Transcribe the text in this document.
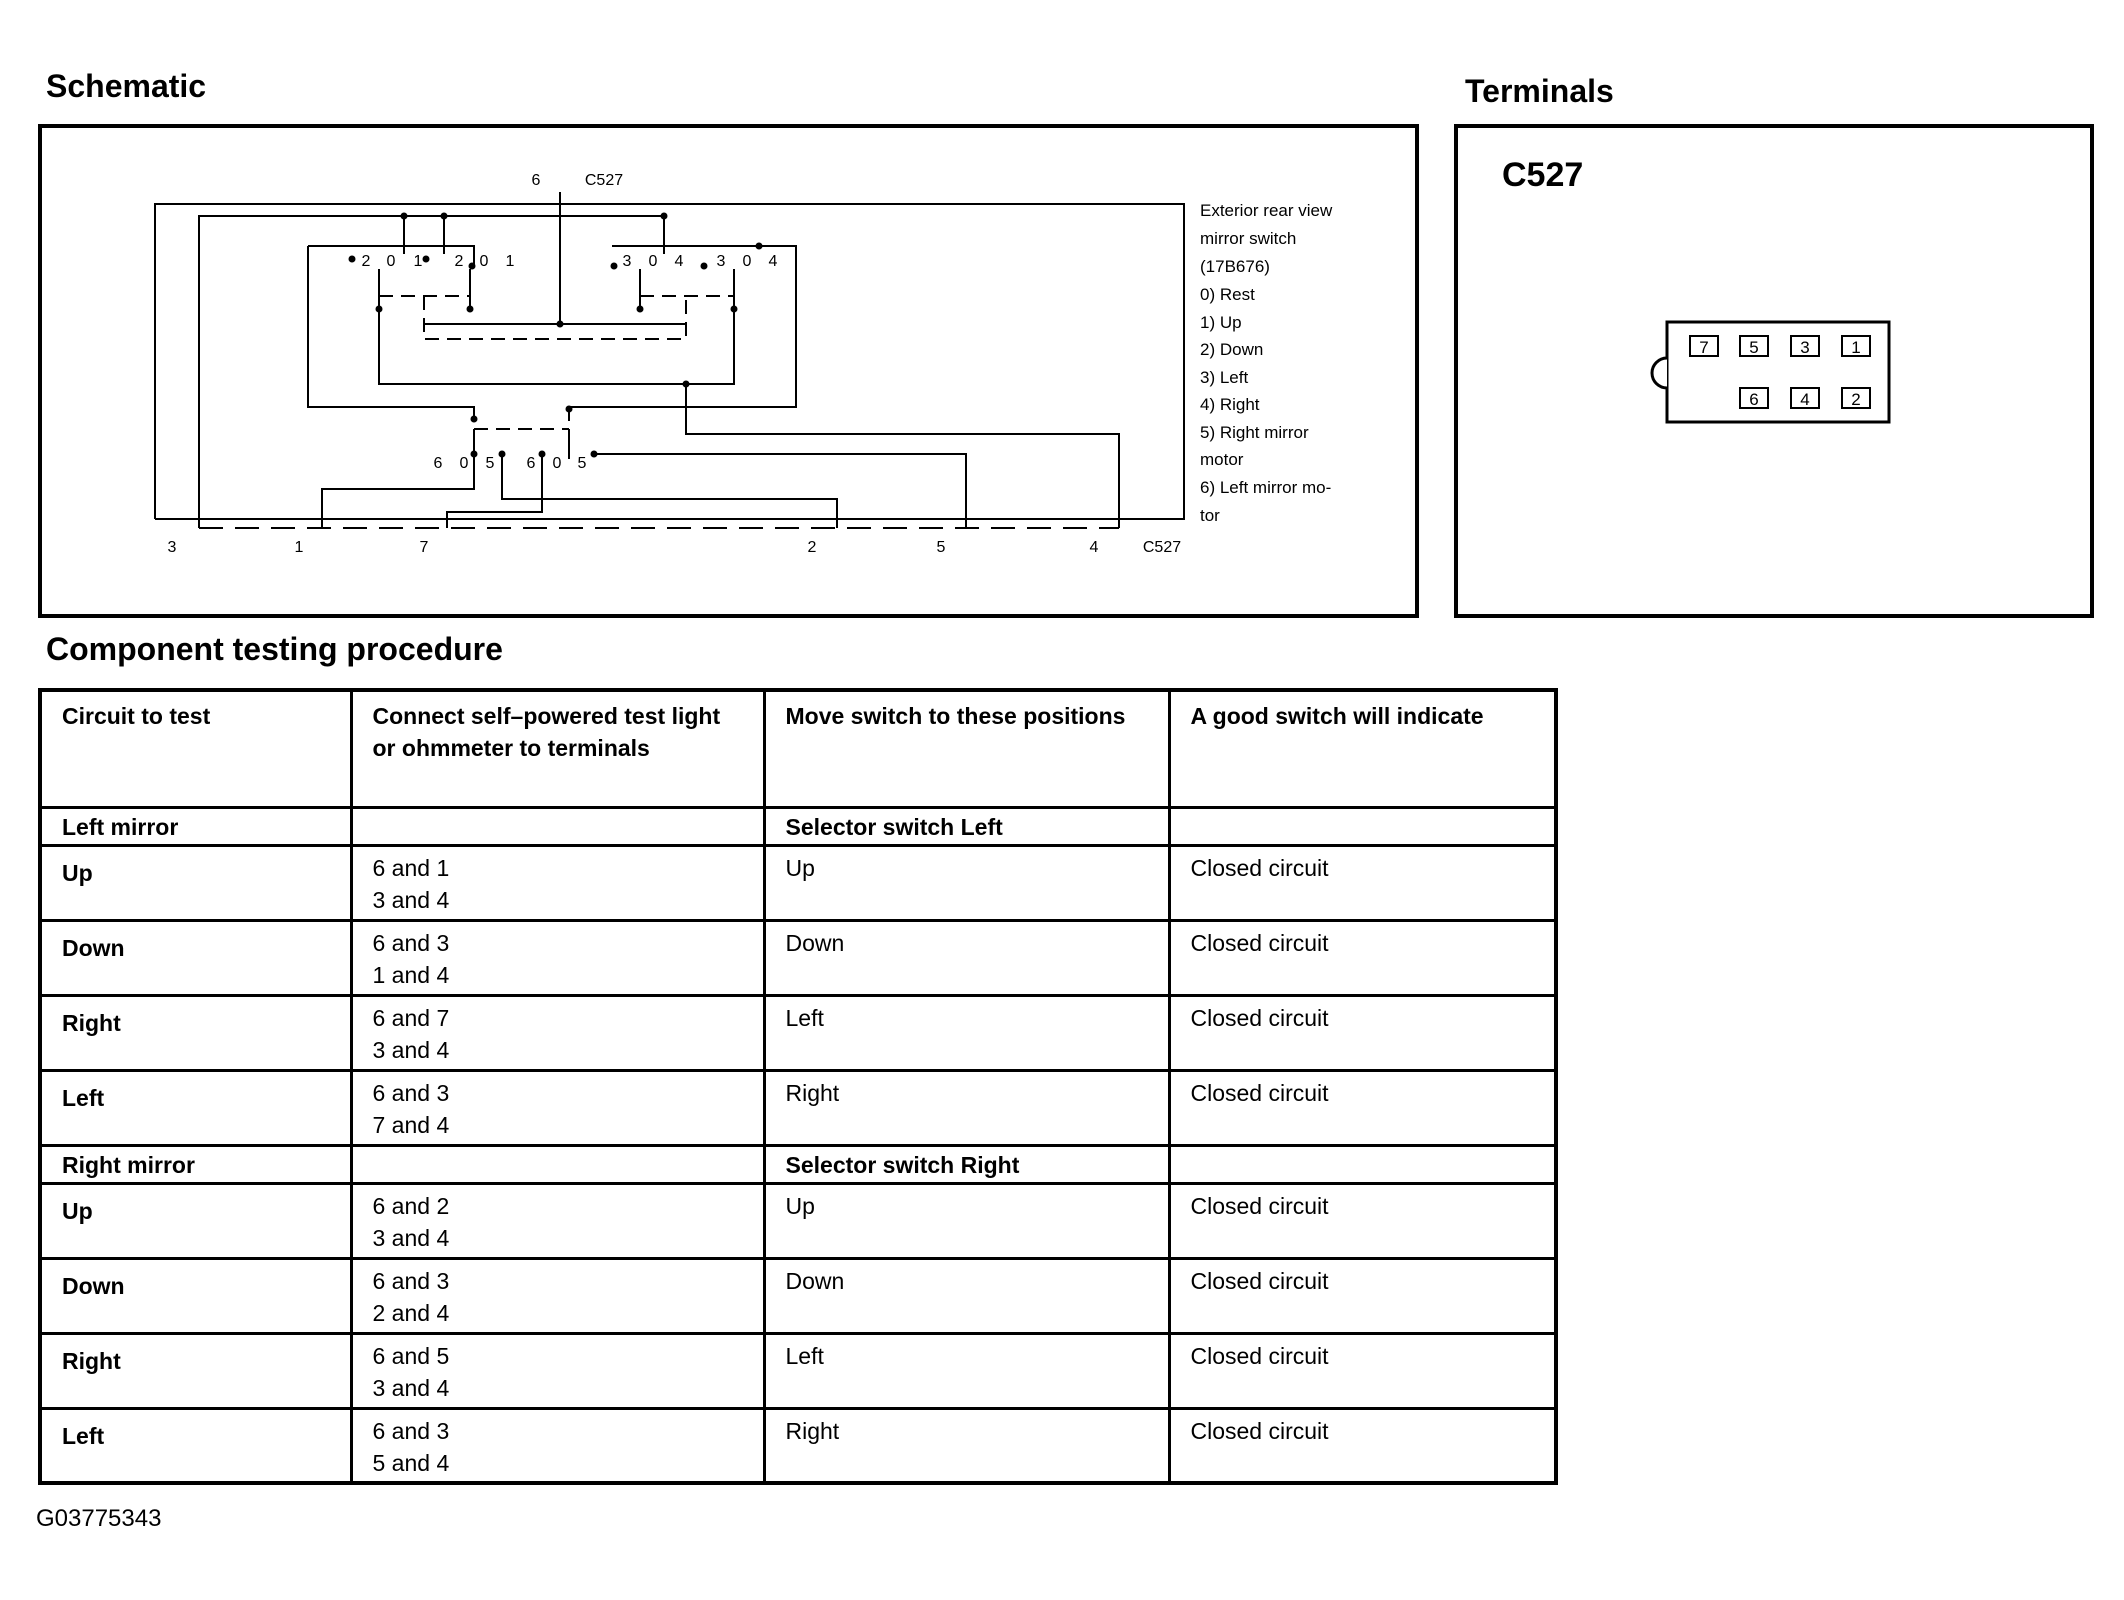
Schematic	Terminals
Component testing procedure
6	C527
C527
3	1	7	2	5	4
2 0 1 2 0 1	3 0 4 3 0 4
6 0 5 6 0 5
Exterior rear view
mirror switch
(17B676)
0) Rest
1) Up
2) Down
3) Left
4) Right
5) Right mirror
motor
6) Left mirror mo-
tor
C527
7 5 3 1
6 4 2
Circuit to test	Connect self–powered test light or ohmmeter to terminals	Move switch to these positions	A good switch will indicate
Left mirror		Selector switch Left	
Up	6 and 1
3 and 4	Up	Closed circuit
Down	6 and 3
1 and 4	Down	Closed circuit
Right	6 and 7
3 and 4	Left	Closed circuit
Left	6 and 3
7 and 4	Right	Closed circuit
Right mirror		Selector switch Right	
Up	6 and 2
3 and 4	Up	Closed circuit
Down	6 and 3
2 and 4	Down	Closed circuit
Right	6 and 5
3 and 4	Left	Closed circuit
Left	6 and 3
5 and 4	Right	Closed circuit

G03775343
